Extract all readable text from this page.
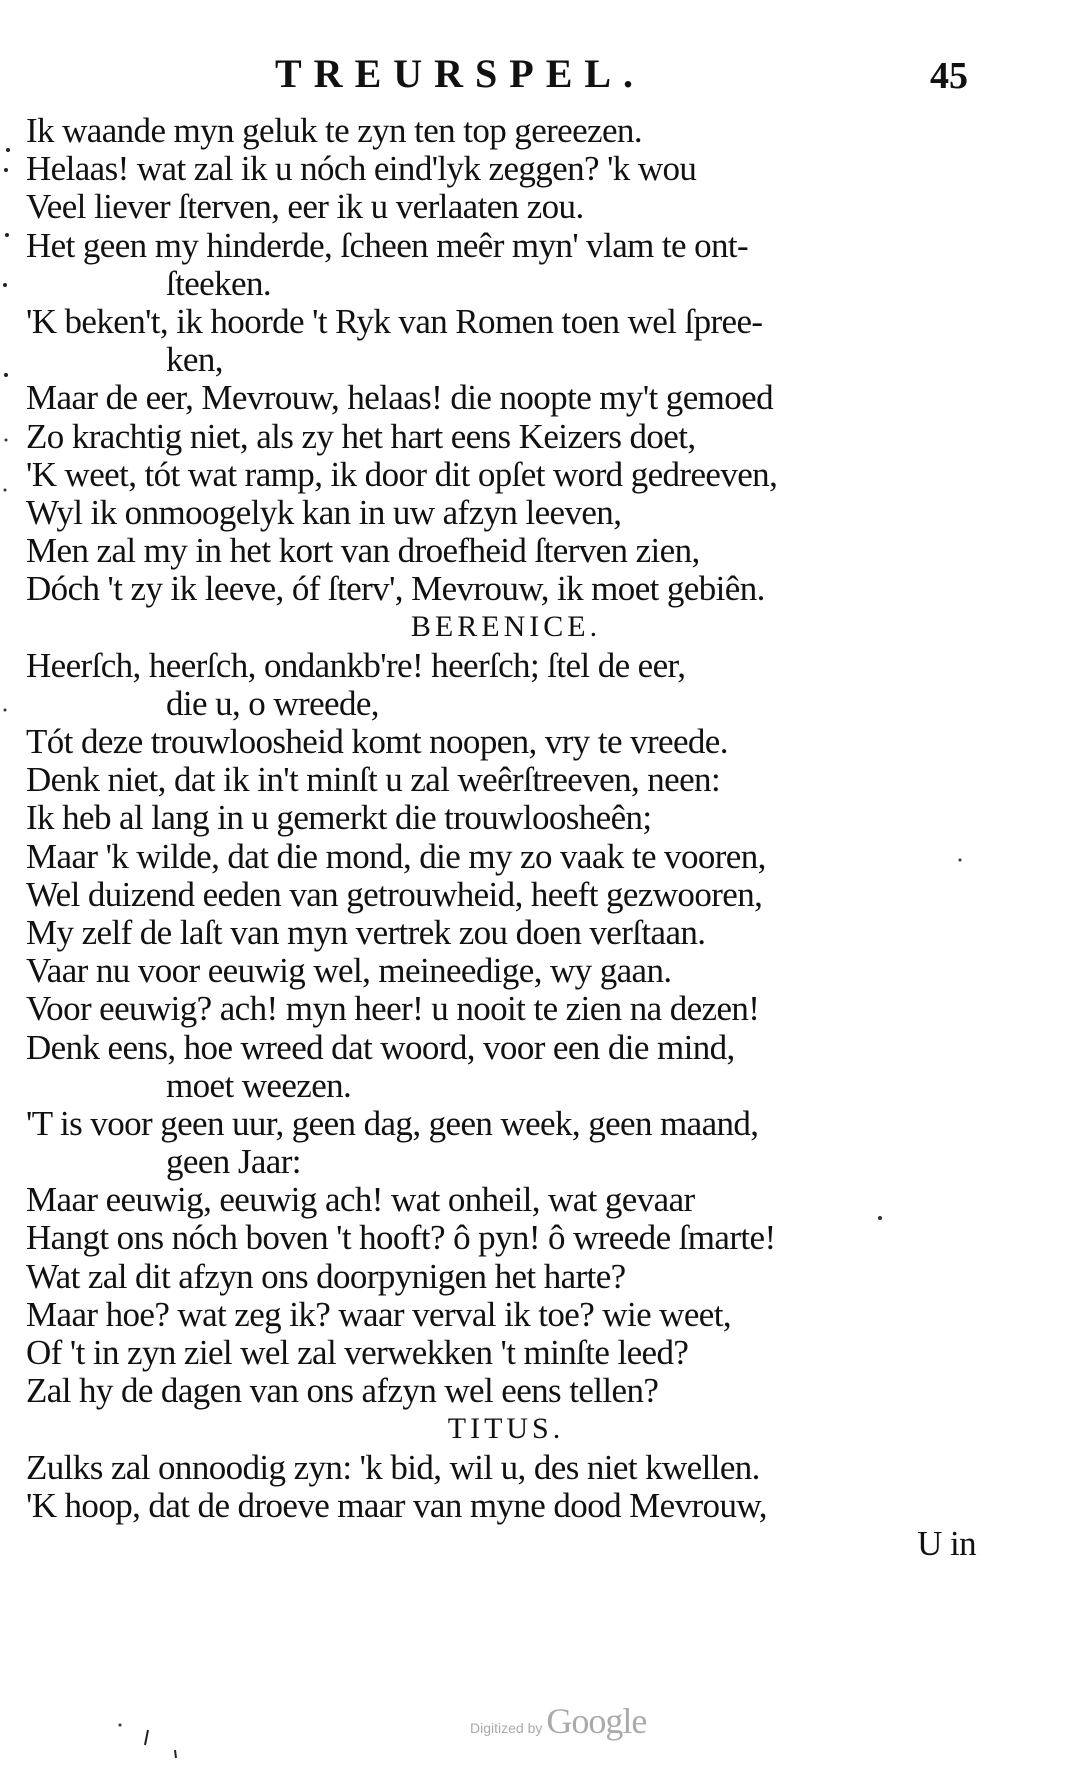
TREURSPEL.	45
Ik waande myn geluk te zyn ten top gereezen.
Helaas! wat zal ik u nóch eind'lyk zeggen? 'k wou
Veel liever ſterven, eer ik u verlaaten zou.
Het geen my hinderde, ſcheen meêr myn' vlam te ont-
ſteeken.
'K beken't, ik hoorde 't Ryk van Romen toen wel ſpree-
ken,
Maar de eer, Mevrouw, helaas! die noopte my't gemoed
Zo krachtig niet, als zy het hart eens Keizers doet,
'K weet, tót wat ramp, ik door dit opſet word gedreeven,
Wyl ik onmoogelyk kan in uw afzyn leeven,
Men zal my in het kort van droefheid ſterven zien,
Dóch 't zy ik leeve, óf ſterv', Mevrouw, ik moet gebiên.
BERENICE.
Heerſch, heerſch, ondankb're! heerſch; ſtel de eer,
die u, o wreede,
Tót deze trouwloosheid komt noopen, vry te vreede.
Denk niet, dat ik in't minſt u zal weêrſtreeven, neen:
Ik heb al lang in u gemerkt die trouwloosheên;
Maar 'k wilde, dat die mond, die my zo vaak te vooren,
Wel duizend eeden van getrouwheid, heeft gezwooren,
My zelf de laſt van myn vertrek zou doen verſtaan.
Vaar nu voor eeuwig wel, meineedige, wy gaan.
Voor eeuwig? ach! myn heer! u nooit te zien na dezen!
Denk eens, hoe wreed dat woord, voor een die mind,
moet weezen.
'T is voor geen uur, geen dag, geen week, geen maand,
geen Jaar:
Maar eeuwig, eeuwig ach! wat onheil, wat gevaar
Hangt ons nóch boven 't hooft? ô pyn! ô wreede ſmarte!
Wat zal dit afzyn ons doorpynigen het harte?
Maar hoe? wat zeg ik? waar verval ik toe? wie weet,
Of 't in zyn ziel wel zal verwekken 't minſte leed?
Zal hy de dagen van ons afzyn wel eens tellen?
TITUS.
Zulks zal onnoodig zyn: 'k bid, wil u, des niet kwellen.
'K hoop, dat de droeve maar van myne dood Mevrouw,
U in
Digitized by Google
